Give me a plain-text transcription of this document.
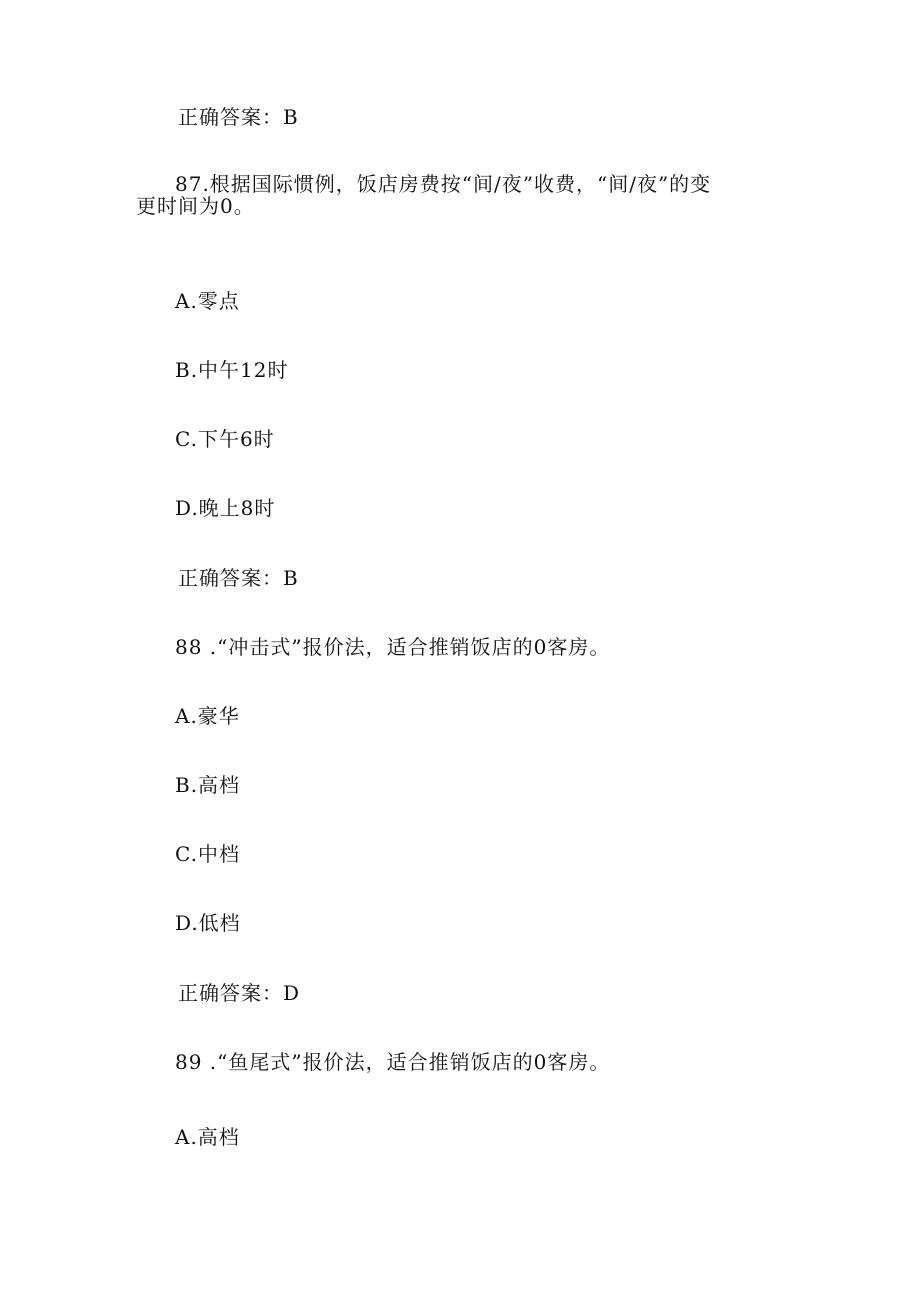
正确答案：B
87.根据国际惯例，饭店房费按“间/夜”收费，“间/夜”的变
更时间为0。
A.零点
B.中午12时
C.下午6时
D.晚上8时
正确答案：B
88 .“冲击式”报价法，适合推销饭店的0客房。
A.豪华
B.高档
C.中档
D.低档
正确答案：D
89 .“鱼尾式”报价法，适合推销饭店的0客房。
A.高档
